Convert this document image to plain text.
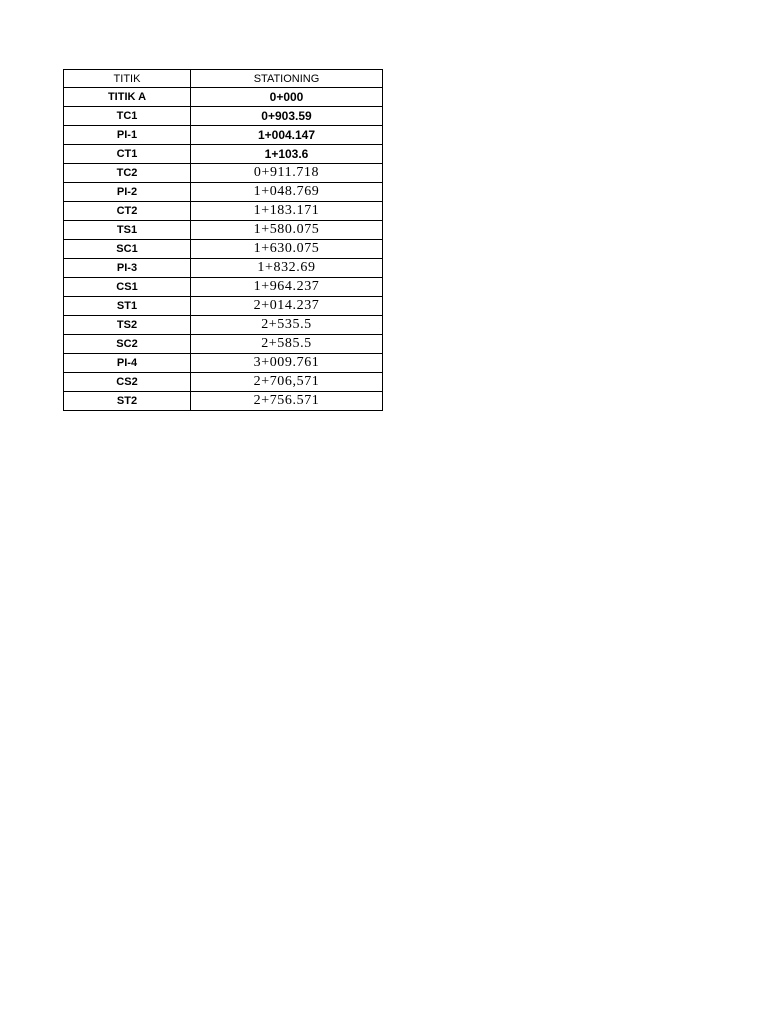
TITIK	STATIONING
TITIK A	0+000
TC1	0+903.59
PI-1	1+004.147
CT1	1+103.6
TC2	0+911.718
PI-2	1+048.769
CT2	1+183.171
TS1	1+580.075
SC1	1+630.075
PI-3	1+832.69
CS1	1+964.237
ST1	2+014.237
TS2	2+535.5
SC2	2+585.5
PI-4	3+009.761
CS2	2+706,571
ST2	2+756.571
